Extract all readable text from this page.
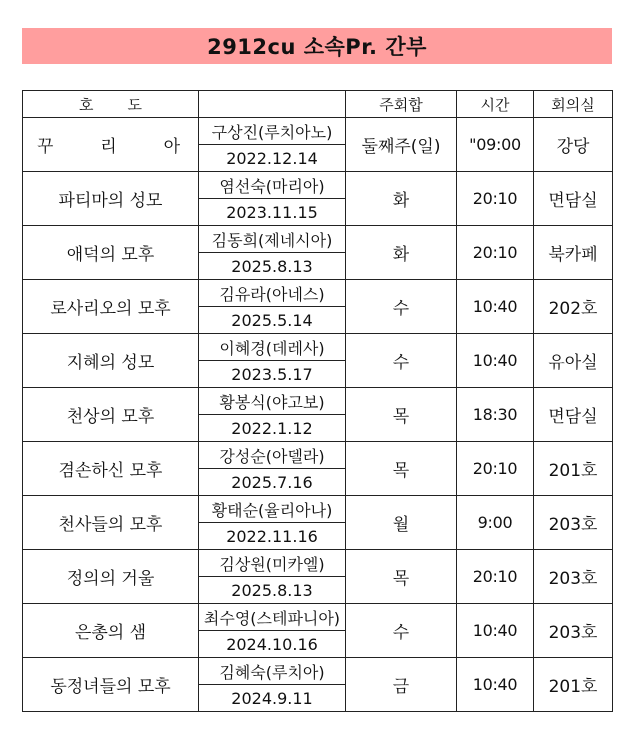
2912cu 소속Pr. 간부
호 도		주회합	시간	회의실

꾸 리 아	구상진(루치아노)	둘째주(일)	"09:00	강당
	2022.12.14			
파티마의 성모	염선숙(마리아)	화	20:10	면담실
	2023.11.15			
애덕의 모후	김동희(제네시아)	화	20:10	북카페
	2025.8.13			
로사리오의 모후	김유라(아네스)	수	10:40	202호
	2025.5.14			
지혜의 성모	이혜경(데레사)	수	10:40	유아실
	2023.5.17			
천상의 모후	황봉식(야고보)	목	18:30	면담실
	2022.1.12			
겸손하신 모후	강성순(아델라)	목	20:10	201호
	2025.7.16			
천사들의 모후	황태순(율리아나)	월	9:00	203호
	2022.11.16			
정의의 거울	김상원(미카엘)	목	20:10	203호
	2025.8.13			
은총의 샘	최수영(스테파니아)	수	10:40	203호
	2024.10.16			
동정녀들의 모후	김혜숙(루치아)	금	10:40	201호
	2024.9.11			
